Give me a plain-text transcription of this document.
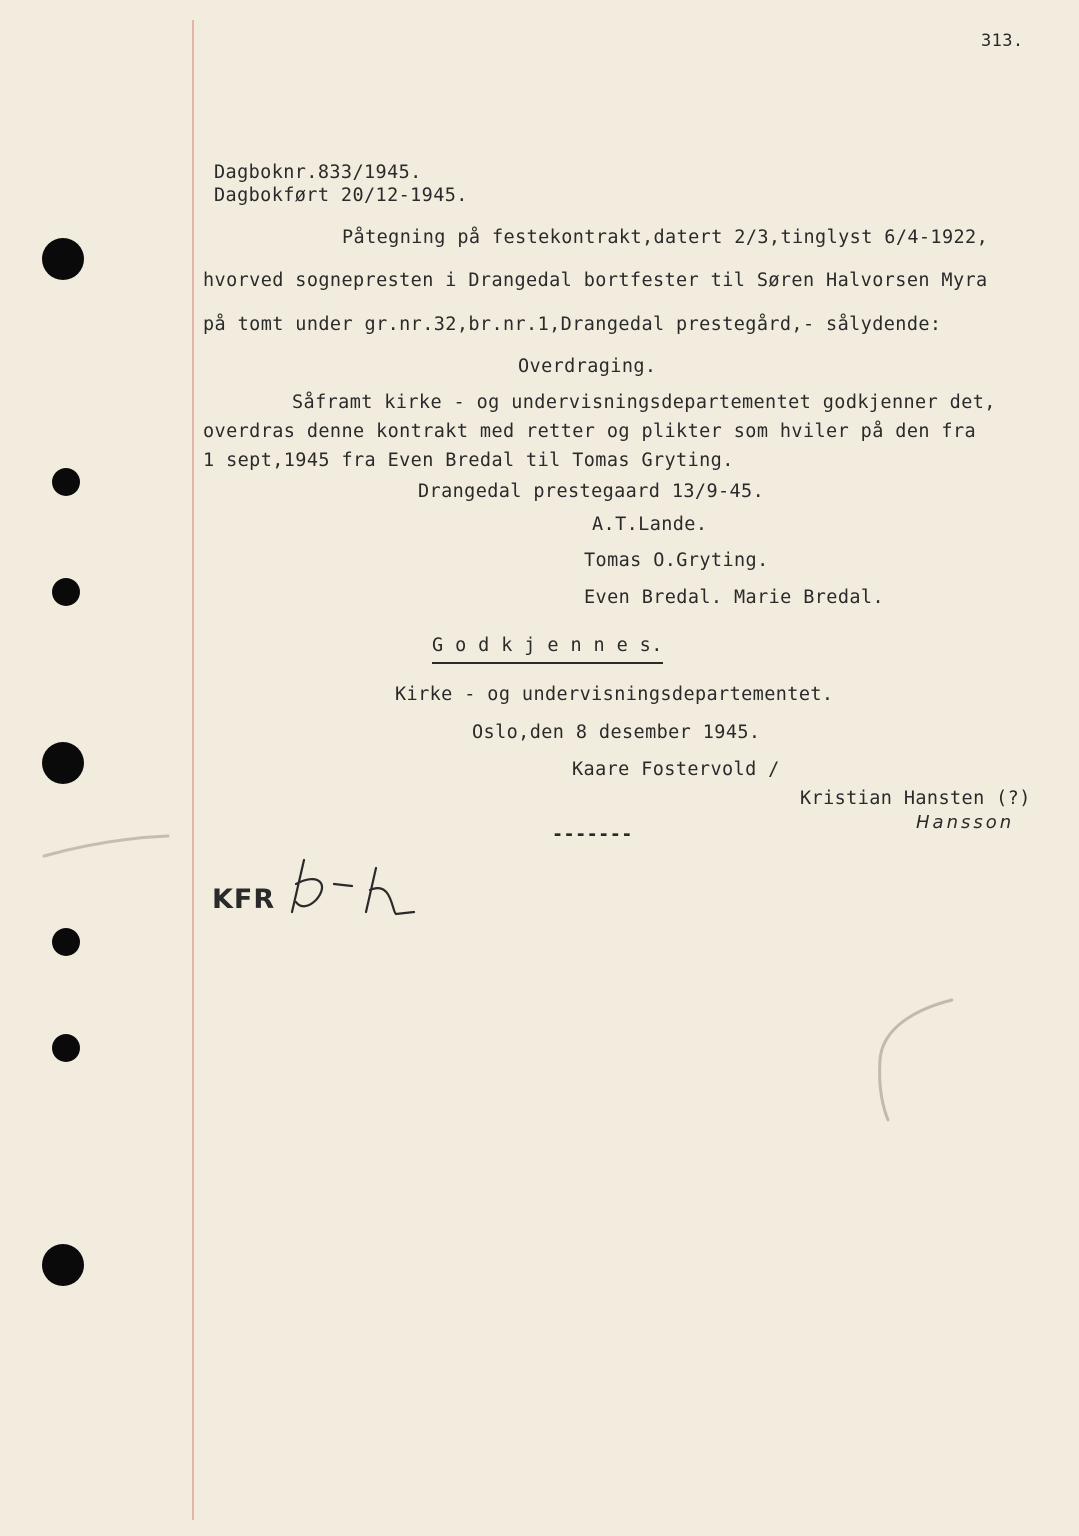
313.
Dagboknr.833/1945.
Dagbokført 20/12-1945.
Påtegning på festekontrakt,datert 2/3,tinglyst 6/4-1922,
hvorved sognepresten i Drangedal bortfester til Søren Halvorsen Myra
på tomt under gr.nr.32,br.nr.1,Drangedal prestegård,- sålydende:
Overdraging.
Såframt kirke - og undervisningsdepartementet godkjenner det,
overdras denne kontrakt med retter og plikter som hviler på den fra
1 sept,1945 fra Even Bredal til Tomas Gryting.
Drangedal prestegaard 13/9-45.
A.T.Lande.
Tomas O.Gryting.
Even Bredal. Marie Bredal.
G o d k j e n n e s.
Kirke - og undervisningsdepartementet.
Oslo,den 8 desember 1945.
Kaare Fostervold /
Kristian Hansten (?)
Hansson
-------
KFR
